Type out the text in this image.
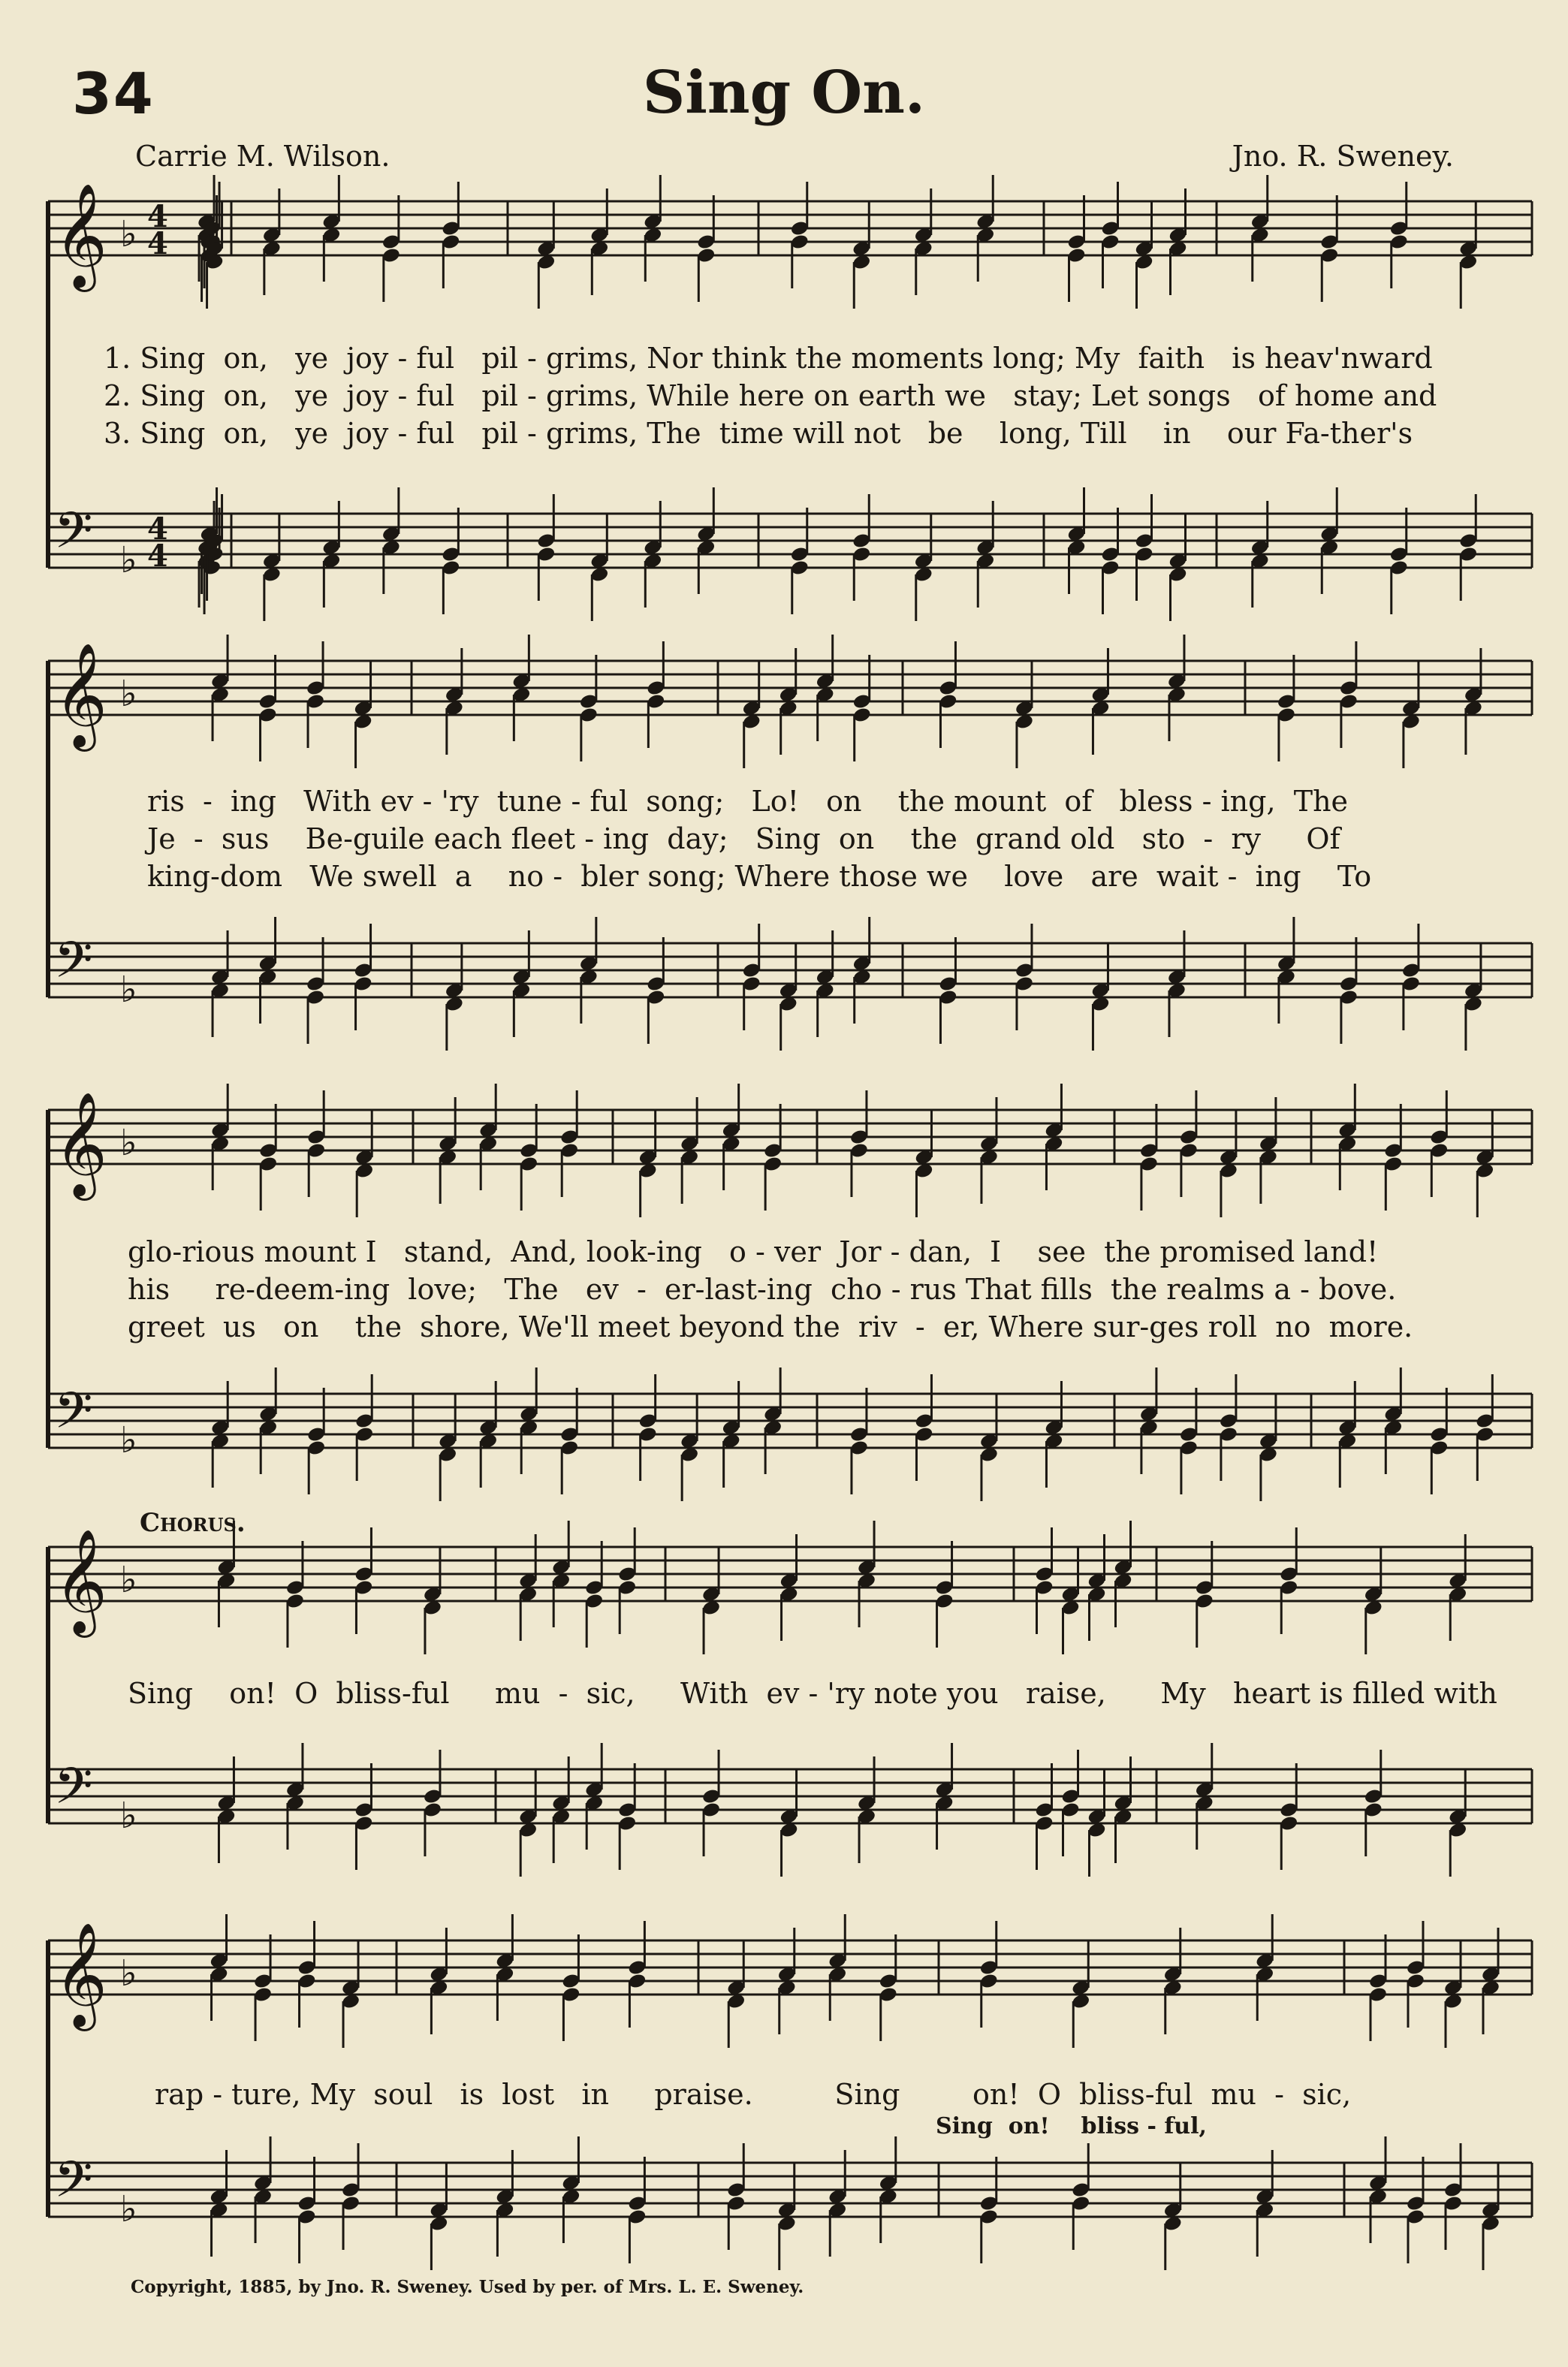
34	Sing On.
Carrie M. Wilson.	Jno. R. Sweney.
𝄞
𝄢
♭
♭
4
4
4
4
𝄞
𝄢
♭
♭
𝄞
𝄢
♭
♭
𝄞
𝄢
♭
♭
𝄞
𝄢
♭
♭
1. Sing  on,   ye  joy - ful   pil - grims, Nor think the moments long; My  faith   is heav'nward
2. Sing  on,   ye  joy - ful   pil - grims, While here on earth we   stay; Let songs   of home and
3. Sing  on,   ye  joy - ful   pil - grims, The  time will not   be    long, Till    in    our Fa-ther's
ris  -  ing   With ev - 'ry  tune - ful  song;   Lo!   on    the mount  of   bless - ing,  The
Je  -  sus    Be-guile each fleet - ing  day;   Sing  on    the  grand old   sto  -  ry     Of
king-dom   We swell  a    no -  bler song; Where those we    love   are  wait -  ing    To
glo-rious mount I   stand,  And, look-ing   o - ver  Jor - dan,  I    see  the promised land!
his     re-deem-ing  love;   The   ev  -  er-last-ing  cho - rus That fills  the realms a - bove.
greet  us   on    the  shore, We'll meet beyond the  riv  -  er, Where sur-ges roll  no  more.
Chorus.
Sing    on!  O  bliss-ful     mu  -  sic,     With  ev - 'ry note you   raise,      My   heart is filled with
rap - ture, My  soul   is  lost   in     praise.         Sing        on!  O  bliss-ful  mu  -  sic,
Sing  on!    bliss - ful,
Copyright, 1885, by Jno. R. Sweney. Used by per. of Mrs. L. E. Sweney.
